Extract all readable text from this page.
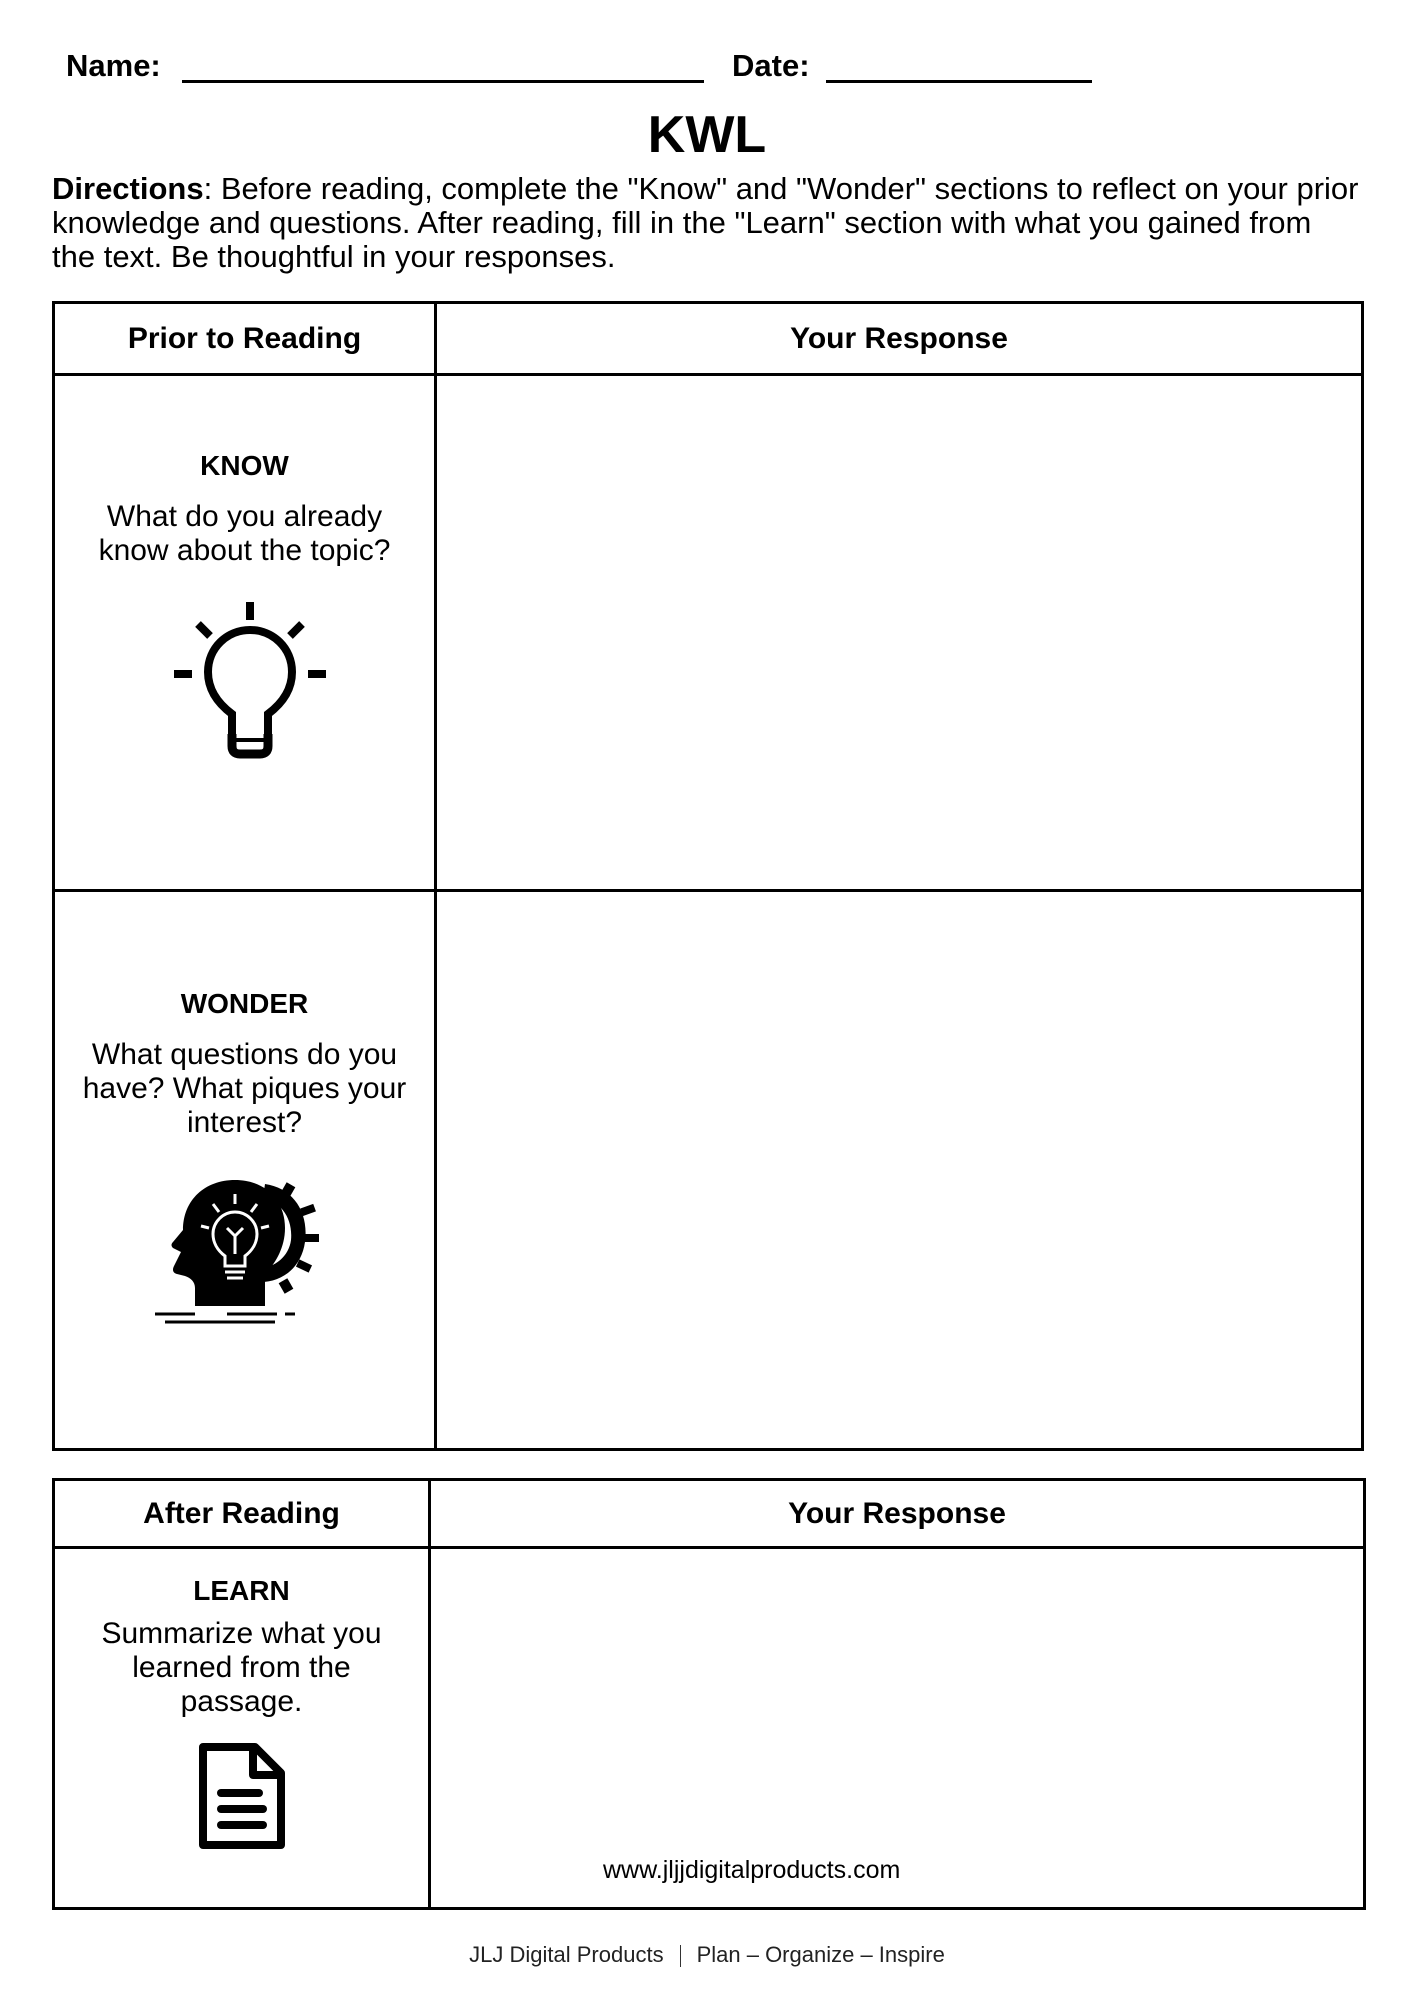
Name:	Date:
KWL
Directions: Before reading, complete the "Know" and "Wonder" sections to reflect on your prior knowledge and questions. After reading, fill in the "Learn" section with what you gained from the text. Be thoughtful in your responses.
Prior to Reading	Your Response

KNOW
What do you already know about the topic?	

WONDER
What questions do you have? What piques your interest?	

After Reading	Your Response

LEARN
Summarize what you learned from the passage.	www.jljjdigitalproducts.com
JLJ Digital Products Plan – Organize – Inspire
